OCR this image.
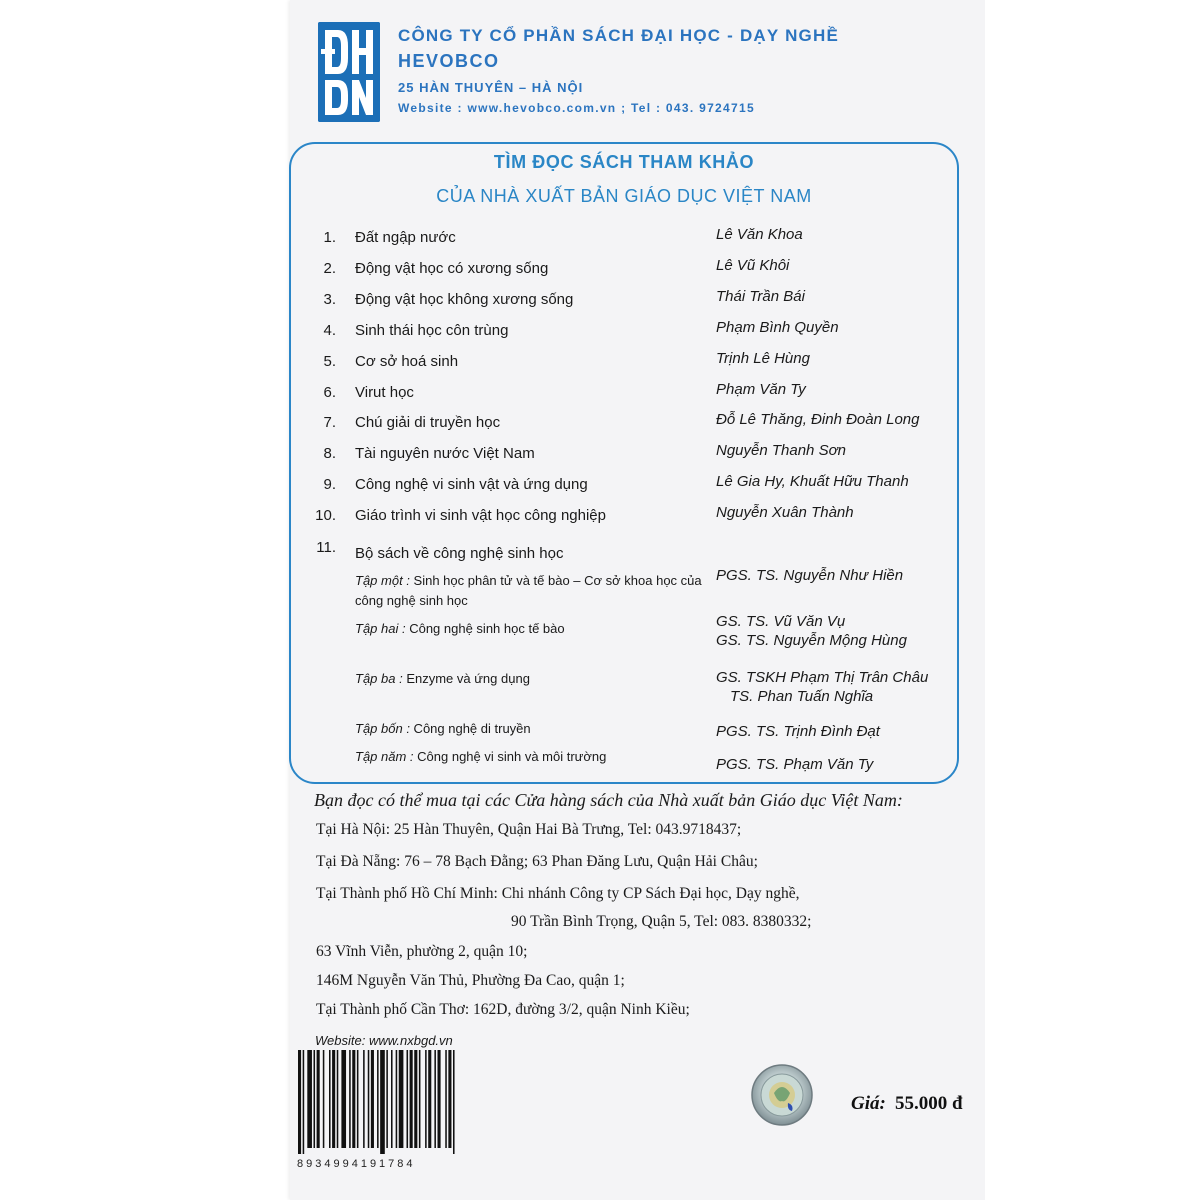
CÔNG TY CỔ PHẦN SÁCH ĐẠI HỌC - DẠY NGHỀ
HEVOBCO
25 HÀN THUYÊN – HÀ NỘI
Website : www.hevobco.com.vn ; Tel : 043. 9724715
TÌM ĐỌC SÁCH THAM KHẢO
CỦA NHÀ XUẤT BẢN GIÁO DỤC VIỆT NAM
1. Đất ngập nước	Lê Văn Khoa
2. Động vật học có xương sống	Lê Vũ Khôi
3. Động vật học không xương sống	Thái Trần Bái
4. Sinh thái học côn trùng	Phạm Bình Quyền
5. Cơ sở hoá sinh	Trịnh Lê Hùng
6. Virut học	Phạm Văn Ty
7. Chú giải di truyền học	Đỗ Lê Thăng, Đinh Đoàn Long
8. Tài nguyên nước Việt Nam	Nguyễn Thanh Sơn
9. Công nghệ vi sinh vật và ứng dụng	Lê Gia Hy, Khuất Hữu Thanh
10. Giáo trình vi sinh vật học công nghiệp	Nguyễn Xuân Thành
11. Bộ sách về công nghệ sinh học
Tập một : Sinh học phân tử và tế bào – Cơ sở khoa học của
công nghệ sinh học
PGS. TS. Nguyễn Như Hiền
Tập hai : Công nghệ sinh học tế bào	GS. TS. Vũ Văn Vụ
GS. TS. Nguyễn Mộng Hùng
Tập ba : Enzyme và ứng dụng	GS. TSKH Phạm Thị Trân Châu
TS. Phan Tuấn Nghĩa
Tập bốn : Công nghệ di truyền	PGS. TS. Trịnh Đình Đạt
Tập năm : Công nghệ vi sinh và môi trường	PGS. TS. Phạm Văn Ty
Bạn đọc có thể mua tại các Cửa hàng sách của Nhà xuất bản Giáo dục Việt Nam:
Tại Hà Nội: 25 Hàn Thuyên, Quận Hai Bà Trưng, Tel: 043.9718437;
Tại Đà Nẵng: 76 – 78 Bạch Đằng; 63 Phan Đăng Lưu, Quận Hải Châu;
Tại Thành phố Hồ Chí Minh: Chi nhánh Công ty CP Sách Đại học, Dạy nghề,
90 Trần Bình Trọng, Quận 5, Tel: 083. 8380332;
63 Vĩnh Viễn, phường 2, quận 10;
146M Nguyễn Văn Thủ, Phường Đa Cao, quận 1;
Tại Thành phố Cần Thơ: 162D, đường 3/2, quận Ninh Kiều;
Website: www.nxbgd.vn
8934994191784
Giá: 55.000 đ
